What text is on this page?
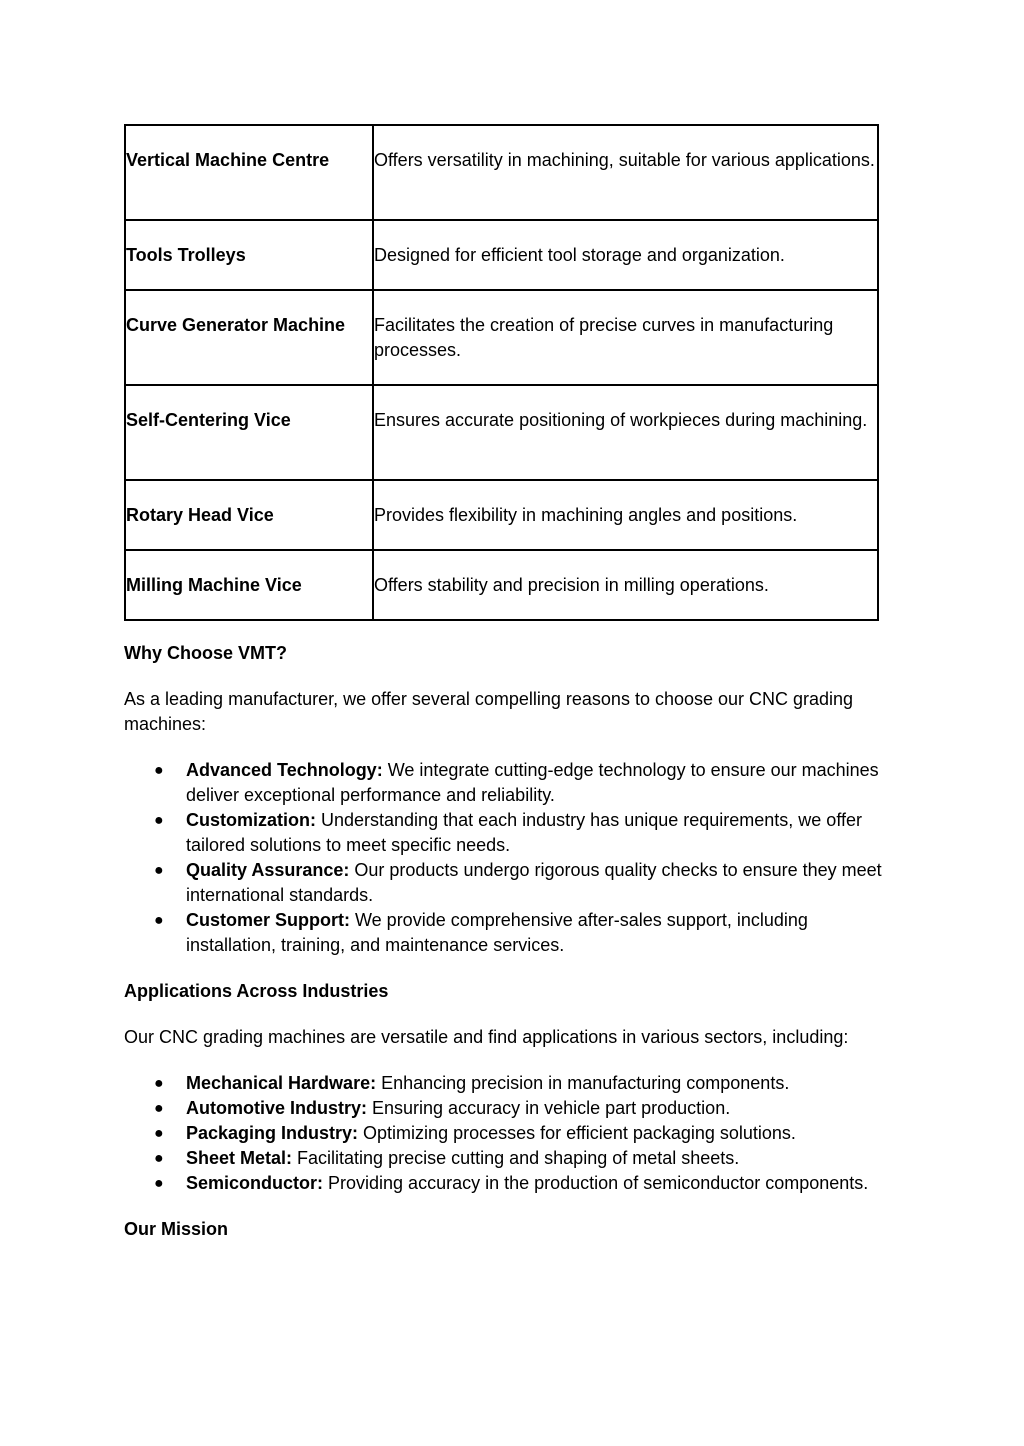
Vertical Machine Centre	Offers versatility in machining, suitable for various applications.
Tools Trolleys	Designed for efficient tool storage and organization.
Curve Generator Machine	Facilitates the creation of precise curves in manufacturing processes.
Self-Centering Vice	Ensures accurate positioning of workpieces during machining.
Rotary Head Vice	Provides flexibility in machining angles and positions.
Milling Machine Vice	Offers stability and precision in milling operations.
Why Choose VMT?

As a leading manufacturer, we offer several compelling reasons to choose our CNC grading machines:

● Advanced Technology: We integrate cutting-edge technology to ensure our machines deliver exceptional performance and reliability.
● Customization: Understanding that each industry has unique requirements, we offer tailored solutions to meet specific needs.
● Quality Assurance: Our products undergo rigorous quality checks to ensure they meet international standards.
● Customer Support: We provide comprehensive after-sales support, including installation, training, and maintenance services.
Applications Across Industries

Our CNC grading machines are versatile and find applications in various sectors, including:

● Mechanical Hardware: Enhancing precision in manufacturing components.
● Automotive Industry: Ensuring accuracy in vehicle part production.
● Packaging Industry: Optimizing processes for efficient packaging solutions.
● Sheet Metal: Facilitating precise cutting and shaping of metal sheets.
● Semiconductor: Providing accuracy in the production of semiconductor components.
Our Mission
